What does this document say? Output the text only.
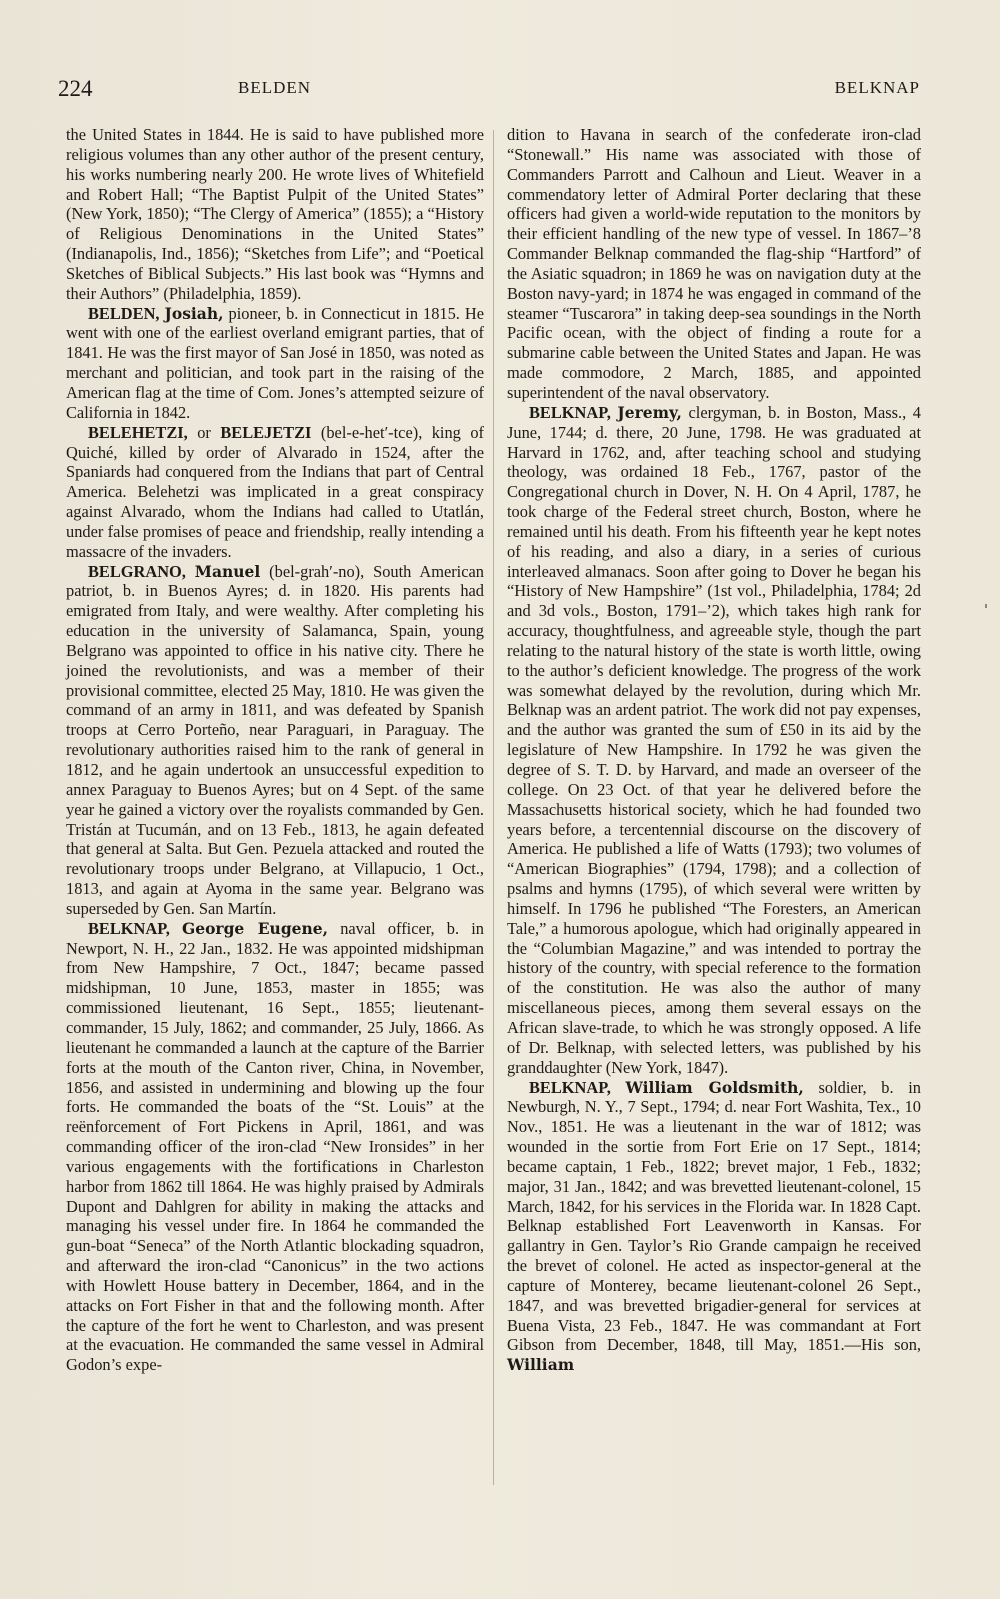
224	BELDEN	BELKNAP

the United States in 1844. He is said to have published more religious volumes than any other author of the present century, his works numbering nearly 200. He wrote lives of Whitefield and Robert Hall; “The Baptist Pulpit of the United States” (New York, 1850); “The Clergy of America” (1855); a “History of Religious Denominations in the United States” (Indianapolis, Ind., 1856); “Sketches from Life”; and “Poetical Sketches of Biblical Subjects.” His last book was “Hymns and their Authors” (Philadelphia, 1859).

BELDEN, Josiah, pioneer, b. in Connecticut in 1815. He went with one of the earliest overland emigrant parties, that of 1841. He was the first mayor of San José in 1850, was noted as merchant and politician, and took part in the raising of the American flag at the time of Com. Jones’s attempted seizure of California in 1842.

BELEHETZI, or BELEJETZI (bel-e-het′-tce), king of Quiché, killed by order of Alvarado in 1524, after the Spaniards had conquered from the Indians that part of Central America. Belehetzi was implicated in a great conspiracy against Alvarado, whom the Indians had called to Utatlán, under false promises of peace and friendship, really intending a massacre of the invaders.

BELGRANO, Manuel (bel-grah′-no), South American patriot, b. in Buenos Ayres; d. in 1820. His parents had emigrated from Italy, and were wealthy. After completing his education in the university of Salamanca, Spain, young Belgrano was appointed to office in his native city. There he joined the revolutionists, and was a member of their provisional committee, elected 25 May, 1810. He was given the command of an army in 1811, and was defeated by Spanish troops at Cerro Porteño, near Paraguari, in Paraguay. The revolutionary authorities raised him to the rank of general in 1812, and he again undertook an unsuccessful expedition to annex Paraguay to Buenos Ayres; but on 4 Sept. of the same year he gained a victory over the royalists commanded by Gen. Tristán at Tucumán, and on 13 Feb., 1813, he again defeated that general at Salta. But Gen. Pezuela attacked and routed the revolutionary troops under Belgrano, at Villapucio, 1 Oct., 1813, and again at Ayoma in the same year. Belgrano was superseded by Gen. San Martín.

BELKNAP, George Eugene, naval officer, b. in Newport, N. H., 22 Jan., 1832. He was appointed midshipman from New Hampshire, 7 Oct., 1847; became passed midshipman, 10 June, 1853, master in 1855; was commissioned lieutenant, 16 Sept., 1855; lieutenant-commander, 15 July, 1862; and commander, 25 July, 1866. As lieutenant he commanded a launch at the capture of the Barrier forts at the mouth of the Canton river, China, in November, 1856, and assisted in undermining and blowing up the four forts. He commanded the boats of the “St. Louis” at the reënforcement of Fort Pickens in April, 1861, and was commanding officer of the iron-clad “New Ironsides” in her various engagements with the fortifications in Charleston harbor from 1862 till 1864. He was highly praised by Admirals Dupont and Dahlgren for ability in making the attacks and managing his vessel under fire. In 1864 he commanded the gun-boat “Seneca” of the North Atlantic blockading squadron, and afterward the iron-clad “Canonicus” in the two actions with Howlett House battery in December, 1864, and in the attacks on Fort Fisher in that and the following month. After the capture of the fort he went to Charleston, and was present at the evacuation. He commanded the same vessel in Admiral Godon’s expe-

dition to Havana in search of the confederate iron-clad “Stonewall.” His name was associated with those of Commanders Parrott and Calhoun and Lieut. Weaver in a commendatory letter of Admiral Porter declaring that these officers had given a world-wide reputation to the monitors by their efficient handling of the new type of vessel. In 1867–’8 Commander Belknap commanded the flag-ship “Hartford” of the Asiatic squadron; in 1869 he was on navigation duty at the Boston navy-yard; in 1874 he was engaged in command of the steamer “Tuscarora” in taking deep-sea soundings in the North Pacific ocean, with the object of finding a route for a submarine cable between the United States and Japan. He was made commodore, 2 March, 1885, and appointed superintendent of the naval observatory.

BELKNAP, Jeremy, clergyman, b. in Boston, Mass., 4 June, 1744; d. there, 20 June, 1798. He was graduated at Harvard in 1762, and, after teaching school and studying theology, was ordained 18 Feb., 1767, pastor of the Congregational church in Dover, N. H. On 4 April, 1787, he took charge of the Federal street church, Boston, where he remained until his death. From his fifteenth year he kept notes of his reading, and also a diary, in a series of curious interleaved almanacs. Soon after going to Dover he began his “History of New Hampshire” (1st vol., Philadelphia, 1784; 2d and 3d vols., Boston, 1791–’2), which takes high rank for accuracy, thoughtfulness, and agreeable style, though the part relating to the natural history of the state is worth little, owing to the author’s deficient knowledge. The progress of the work was somewhat delayed by the revolution, during which Mr. Belknap was an ardent patriot. The work did not pay expenses, and the author was granted the sum of £50 in its aid by the legislature of New Hampshire. In 1792 he was given the degree of S. T. D. by Harvard, and made an overseer of the college. On 23 Oct. of that year he delivered before the Massachusetts historical society, which he had founded two years before, a tercentennial discourse on the discovery of America. He published a life of Watts (1793); two volumes of “American Biographies” (1794, 1798); and a collection of psalms and hymns (1795), of which several were written by himself. In 1796 he published “The Foresters, an American Tale,” a humorous apologue, which had originally appeared in the “Columbian Magazine,” and was intended to portray the history of the country, with special reference to the formation of the constitution. He was also the author of many miscellaneous pieces, among them several essays on the African slave-trade, to which he was strongly opposed. A life of Dr. Belknap, with selected letters, was published by his granddaughter (New York, 1847).

BELKNAP, William Goldsmith, soldier, b. in Newburgh, N. Y., 7 Sept., 1794; d. near Fort Washita, Tex., 10 Nov., 1851. He was a lieutenant in the war of 1812; was wounded in the sortie from Fort Erie on 17 Sept., 1814; became captain, 1 Feb., 1822; brevet major, 1 Feb., 1832; major, 31 Jan., 1842; and was brevetted lieutenant-colonel, 15 March, 1842, for his services in the Florida war. In 1828 Capt. Belknap established Fort Leavenworth in Kansas. For gallantry in Gen. Taylor’s Rio Grande campaign he received the brevet of colonel. He acted as inspector-general at the capture of Monterey, became lieutenant-colonel 26 Sept., 1847, and was brevetted brigadier-general for services at Buena Vista, 23 Feb., 1847. He was commandant at Fort Gibson from December, 1848, till May, 1851.—His son, William
